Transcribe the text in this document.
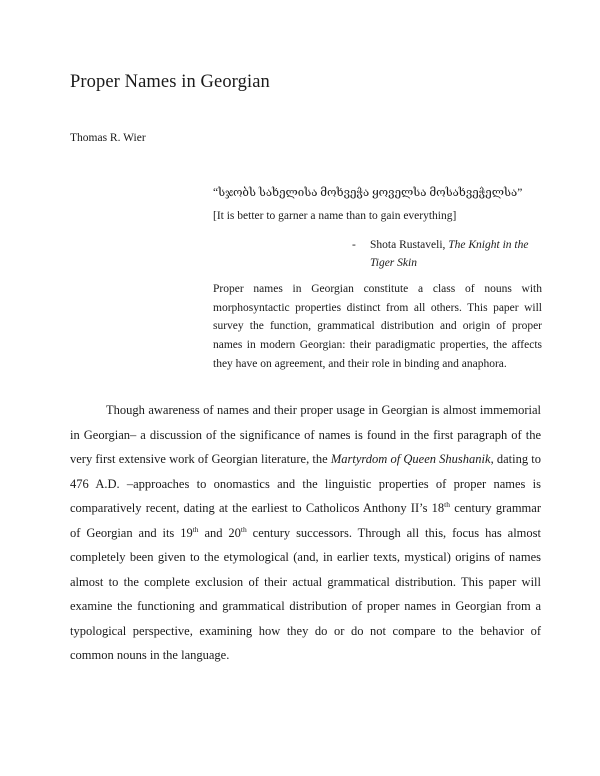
Proper Names in Georgian
Thomas R. Wier
“სჯობს სახელისა მოხვეჭა ყოველსა მოსახვეჭელსა”
[It is better to garner a name than to gain everything]
- Shota Rustaveli, The Knight in the Tiger Skin
Proper names in Georgian constitute a class of nouns with morphosyntactic properties distinct from all others. This paper will survey the function, grammatical distribution and origin of proper names in modern Georgian: their paradigmatic properties, the affects they have on agreement, and their role in binding and anaphora.

Though awareness of names and their proper usage in Georgian is almost immemorial in Georgian– a discussion of the significance of names is found in the first paragraph of the very first extensive work of Georgian literature, the Martyrdom of Queen Shushanik, dating to 476 A.D. –approaches to onomastics and the linguistic properties of proper names is comparatively recent, dating at the earliest to Catholicos Anthony II’s 18th century grammar of Georgian and its 19th and 20th century successors. Through all this, focus has almost completely been given to the etymological (and, in earlier texts, mystical) origins of names almost to the complete exclusion of their actual grammatical distribution. This paper will examine the functioning and grammatical distribution of proper names in Georgian from a typological perspective, examining how they do or do not compare to the behavior of common nouns in the language.
